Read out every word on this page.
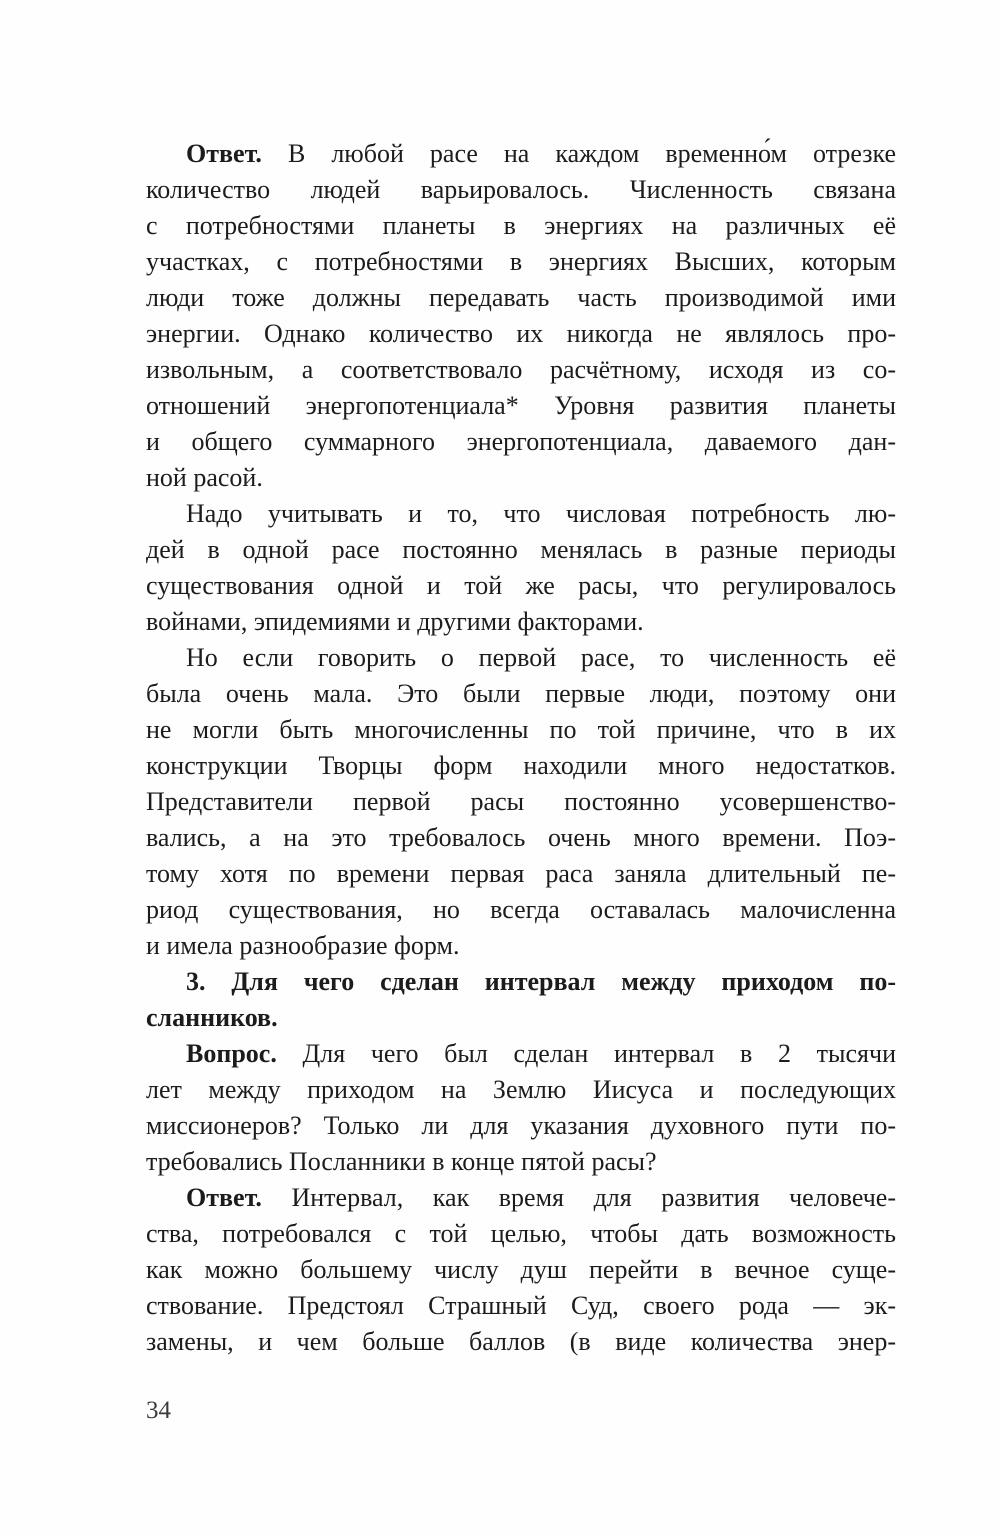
Ответ. В любой расе на каждом временно́м отрезке
количество людей варьировалось. Численность связана
с потребностями планеты в энергиях на различных её
участках, с потребностями в энергиях Высших, которым
люди тоже должны передавать часть производимой ими
энергии. Однако количество их никогда не являлось про-
извольным, а соответствовало расчётному, исходя из со-
отношений энергопотенциала* Уровня развития планеты
и общего суммарного энергопотенциала, даваемого дан-
ной расой.
Надо учитывать и то, что числовая потребность лю-
дей в одной расе постоянно менялась в разные периоды
существования одной и той же расы, что регулировалось
войнами, эпидемиями и другими факторами.
Но если говорить о первой расе, то численность её
была очень мала. Это были первые люди, поэтому они
не могли быть многочисленны по той причине, что в их
конструкции Творцы форм находили много недостатков.
Представители первой расы постоянно усовершенство-
вались, а на это требовалось очень много времени. Поэ-
тому хотя по времени первая раса заняла длительный пе-
риод существования, но всегда оставалась малочисленна
и имела разнообразие форм.
3. Для чего сделан интервал между приходом по-
сланников.
Вопрос. Для чего был сделан интервал в 2 тысячи
лет между приходом на Землю Иисуса и последующих
миссионеров? Только ли для указания духовного пути по-
требовались Посланники в конце пятой расы?
Ответ. Интервал, как время для развития человече-
ства, потребовался с той целью, чтобы дать возможность
как можно большему числу душ перейти в вечное суще-
ствование. Предстоял Страшный Суд, своего рода — эк-
замены, и чем больше баллов (в виде количества энер-
34
